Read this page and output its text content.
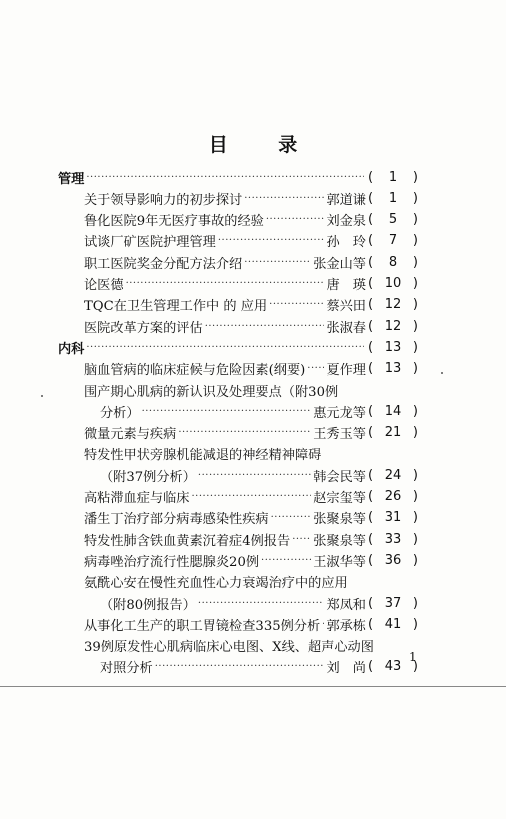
目 录
管理 ·····	( 1 )
关于领导影响力的初步探讨 ·····	郭道谦 ( 1 )
鲁化医院9年无医疗事故的经验 ·····	刘金泉 ( 5 )
试谈厂矿医院护理管理 ·····	孙　玲 ( 7 )
职工医院奖金分配方法介绍 ·····	张金山等 ( 8 )
论医德 ·····	唐　瑛 ( 10 )
TQC在卫生管理工作中 的 应用 ·····	蔡兴田 ( 12 )
医院改革方案的评估 ·····	张淑春 ( 12 )
内科 ·····	( 13 )
脑血管病的临床症候与危险因素(纲要) ····· 夏作理 ( 13 )
围产期心肌病的新认识及处理要点（附30例
分析） ·····	惠元龙等 ( 14 )
微量元素与疾病 ·····	王秀玉等 ( 21 )
特发性甲状旁腺机能减退的神经精神障碍
（附37例分析） ·····	韩会民等 ( 24 )
高粘滞血症与临床 ·····	赵宗玺等 ( 26 )
潘生丁治疗部分病毒感染性疾病 ·····	张聚泉等 ( 31 )
特发性肺含铁血黄素沉着症4例报告 ····· 张聚泉等 ( 33 )
病毒唑治疗流行性腮腺炎20例 ·····	王淑华等 ( 36 )
氨酰心安在慢性充血性心力衰竭治疗中的应用
（附80例报告） ·····	郑凤和 ( 37 )
从事化工生产的职工胃镜检查335例分析 ····· 郭承栋 ( 41 )
39例原发性心肌病临床心电图、X线、超声心动图
对照分析 ·····	刘　尚 ( 43 )
1
